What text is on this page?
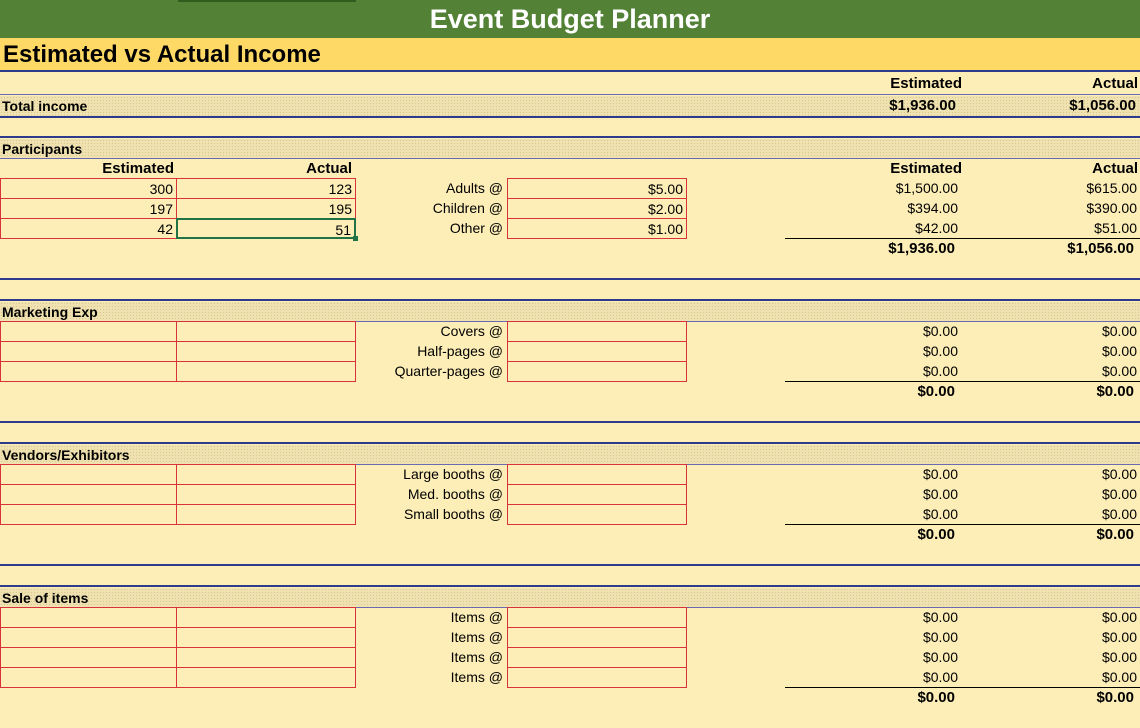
Event Budget Planner
Estimated vs Actual Income
Estimated	Actual
Total income	$1,936.00	$1,056.00
Participants
Estimated	Actual	Estimated	Actual
300	123	Adults @	$5.00	$1,500.00	$615.00
197	195	Children @	$2.00	$394.00	$390.00
42	51	Other @	$1.00	$42.00	$51.00
$1,936.00	$1,056.00
Marketing Exp
Covers @	$0.00	$0.00
Half-pages @	$0.00	$0.00
Quarter-pages @	$0.00	$0.00
$0.00	$0.00
Vendors/Exhibitors
Large booths @	$0.00	$0.00
Med. booths @	$0.00	$0.00
Small booths @	$0.00	$0.00
$0.00	$0.00
Sale of items
Items @	$0.00	$0.00
Items @	$0.00	$0.00
Items @	$0.00	$0.00
Items @	$0.00	$0.00
$0.00	$0.00
